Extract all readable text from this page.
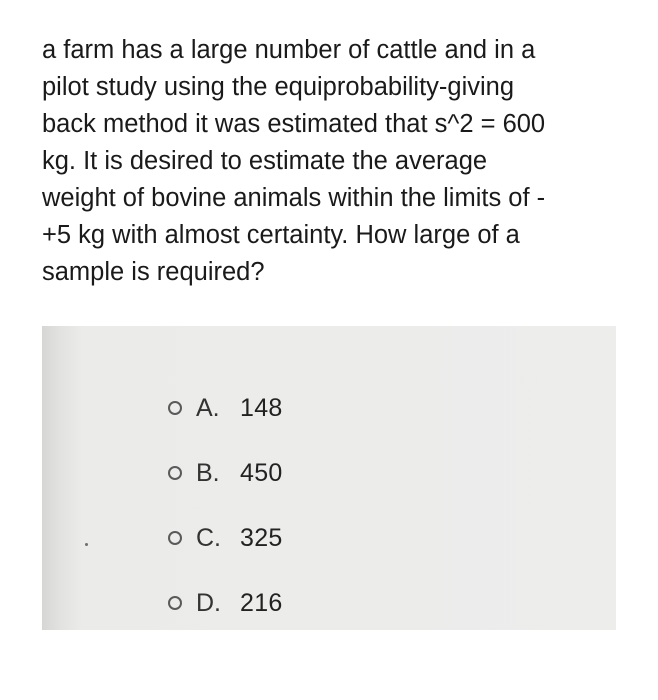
a farm has a large number of cattle and in a
pilot study using the equiprobability-giving
back method it was estimated that s^2 = 600
kg. It is desired to estimate the average
weight of bovine animals within the limits of -
+5 kg with almost certainty. How large of a
sample is required?
A. 148
B. 450
C. 325
D. 216
